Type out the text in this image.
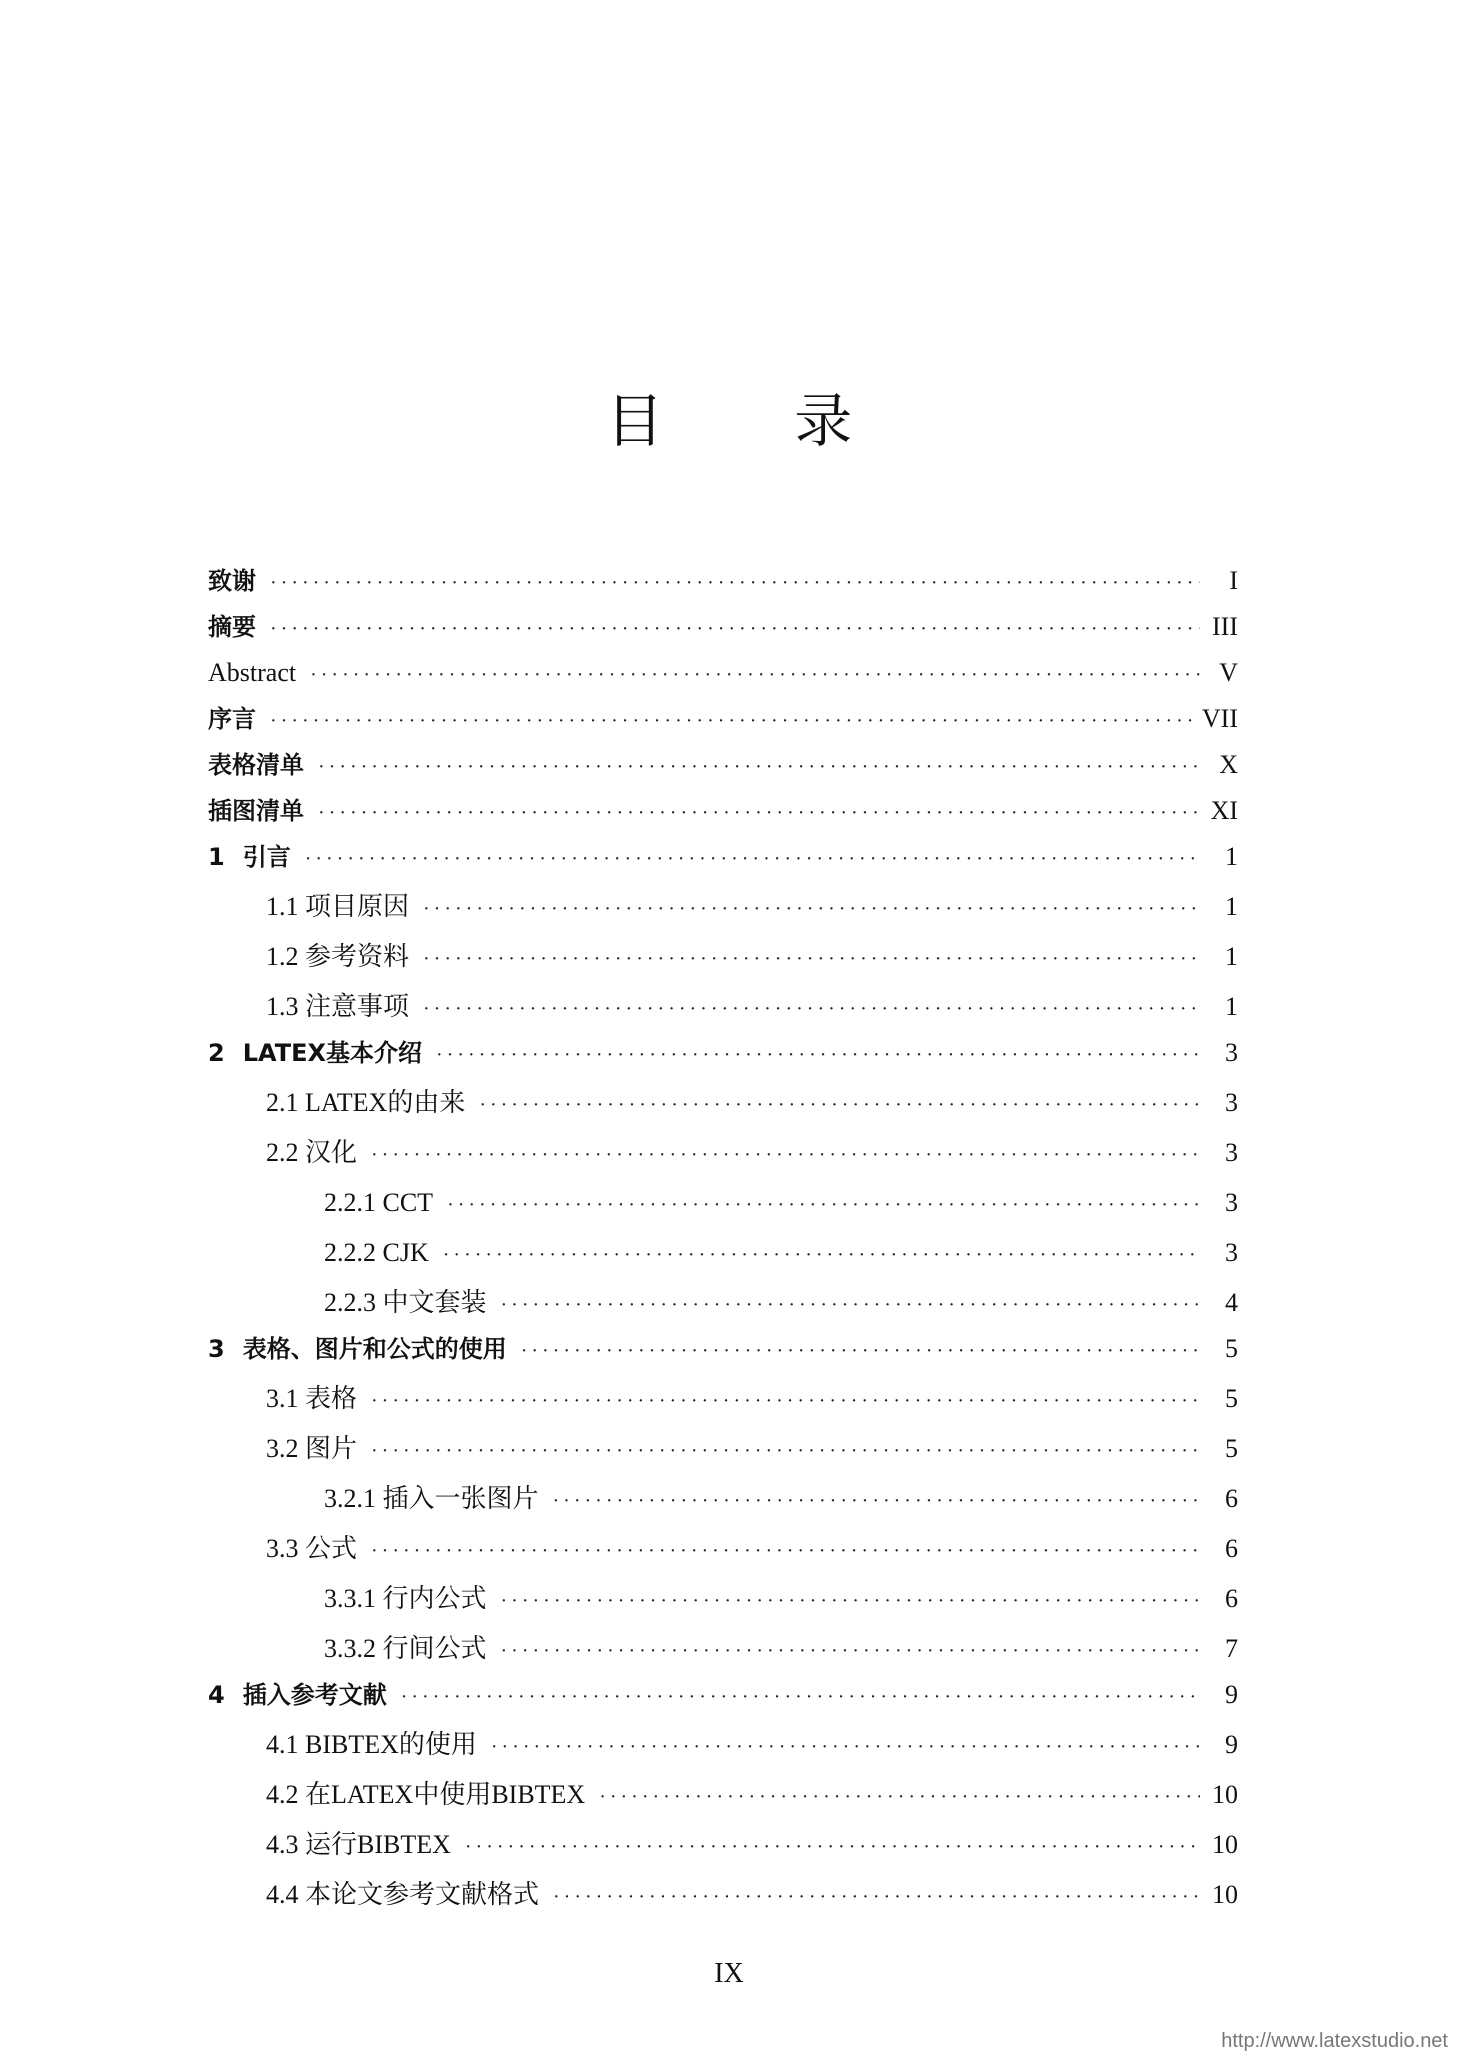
目 录
致谢 ·····	I
摘要 ·····	III
Abstract ·····	V
序言 ·····	VII
表格清单 ·····	X
插图清单 ·····	XI
1 引言 ·····	1
1.1 项目原因 ·····	1
1.2 参考资料 ·····	1
1.3 注意事项 ·····	1
2 LATEX基本介绍 ·····	3
2.1 LATEX的由来 ·····	3
2.2 汉化 ·····	3
2.2.1 CCT ·····	3
2.2.2 CJK ·····	3
2.2.3 中文套装 ·····	4
3 表格、图片和公式的使用 ·····	5
3.1 表格 ·····	5
3.2 图片 ·····	5
3.2.1 插入一张图片 ·····	6
3.3 公式 ·····	6
3.3.1 行内公式 ·····	6
3.3.2 行间公式 ·····	7
4 插入参考文献 ·····	9
4.1 BIBTEX的使用 ·····	9
4.2 在LATEX中使用BIBTEX ·····	10
4.3 运行BIBTEX ·····	10
4.4 本论文参考文献格式 ·····	10
IX
http://www.latexstudio.net
